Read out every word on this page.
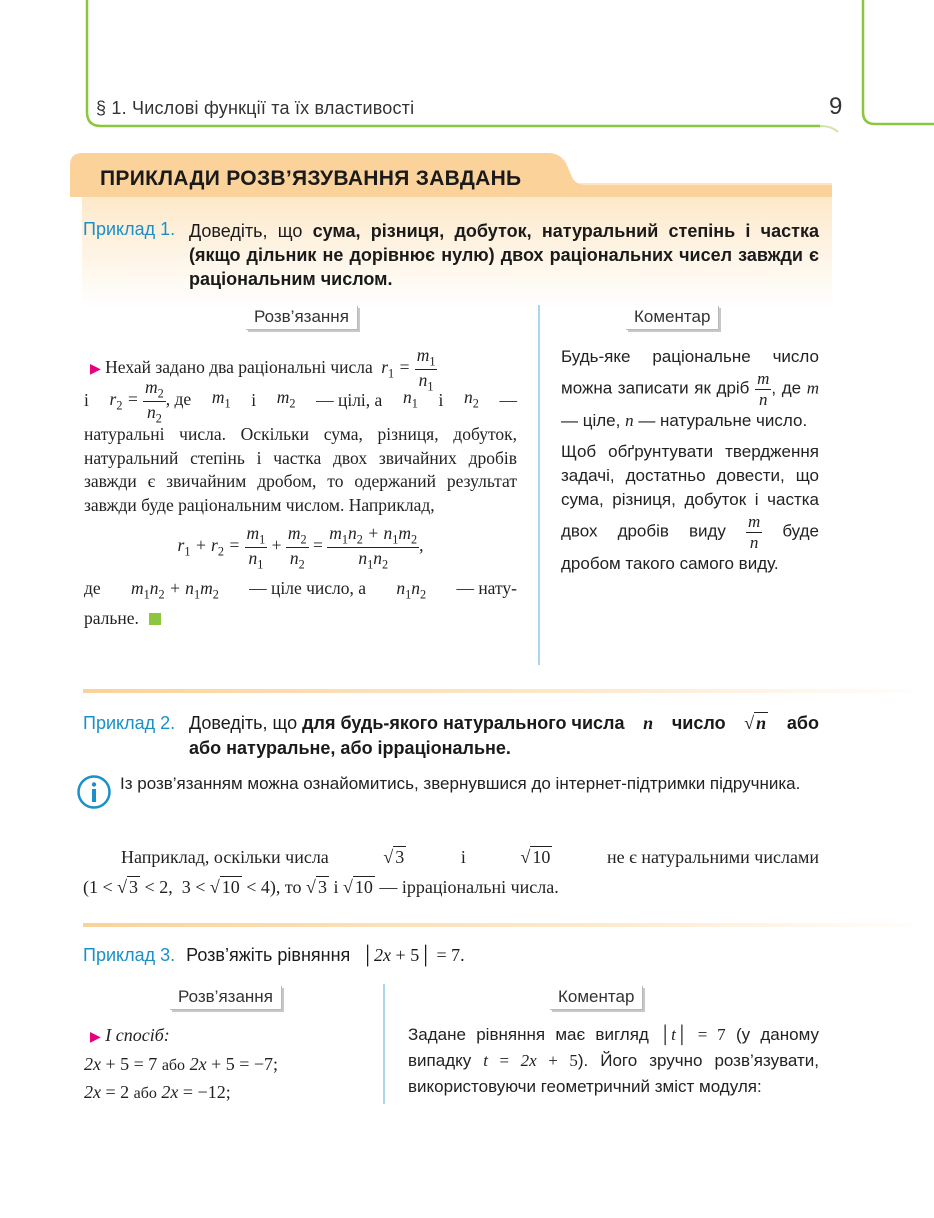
§ 1. Числові функції та їх властивості	9
ПРИКЛАДИ РОЗВ’ЯЗУВАННЯ ЗАВДАНЬ
Приклад 1. Доведіть, що сума, різниця, добуток, натуральний степінь і частка (якщо дільник не дорівнює нулю) двох раціональних чисел завжди є раціональним числом.
Розв’язання	Коментар
▶ Нехай задано два раціональні числа $r_1 = \frac{m_1}{n_1}$
і $r_2 = \frac{m_2}{n_2}$ , де $m_1$ і $m_2$ — цілі, а $n_1$ і $n_2$ —
натуральні числа. Оскільки сума, різниця, добуток, натуральний степінь і частка двох звичайних дробів завжди є звичайним дробом, то одержаний результат завжди буде раціональним числом. Наприклад,
$r_1 + r_2 = \frac{m_1}{n_1} + \frac{m_2}{n_2} = \frac{m_1n_2 + n_1m_2}{n_1n_2}$ ,
де $m_1n_2 + n_1m_2$ — ціле число, а $n_1n_2$ — нату-
ральне.
Будь-яке раціональне число можна записати як дріб $\frac{m}{n}$ , де m — ціле, n — натуральне число.
Щоб обґрунтувати твердження задачі, достатньо довести, що сума, різниця, добуток і частка двох дробів виду $\frac{m}{n}$ буде дробом такого самого виду.
Приклад 2. Доведіть, що для будь-якого натурального числа n число √ n або
або натуральне, або ірраціональне.
Із розв’язанням можна ознайомитись, звернувшися до інтернет-підтримки підручника.
Наприклад, оскільки числа	√ 3	і	√ 10	не є натуральними числами
(1 < √ 3 < 2,  3 < √ 10 < 4), то √ 3 і √ 10 — ірраціональні числа.
Приклад 3. Розв’яжіть рівняння │2x + 5│ = 7.
Розв’язання	Коментар
▶ І спосіб:
2x + 5 = 7 або 2x + 5 = −7;
2x = 2 або 2x = −12;
Задане рівняння має вигляд │t│ = 7 (у даному випадку t = 2x + 5). Його зручно розв’язувати, використовуючи геометричний зміст модуля:
